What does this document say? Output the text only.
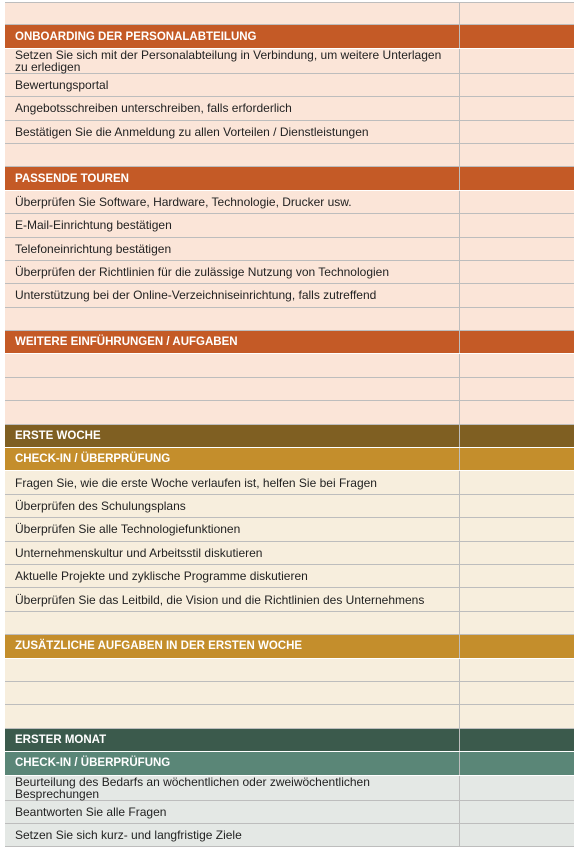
ONBOARDING DER PERSONALABTEILUNG
Setzen Sie sich mit der Personalabteilung in Verbindung, um weitere Unterlagen zu erledigen
Bewertungsportal
Angebotsschreiben unterschreiben, falls erforderlich
Bestätigen Sie die Anmeldung zu allen Vorteilen / Dienstleistungen
PASSENDE TOUREN
Überprüfen Sie Software, Hardware, Technologie, Drucker usw.
E-Mail-Einrichtung bestätigen
Telefoneinrichtung bestätigen
Überprüfen der Richtlinien für die zulässige Nutzung von Technologien
Unterstützung bei der Online-Verzeichniseinrichtung, falls zutreffend
WEITERE EINFÜHRUNGEN / AUFGABEN
ERSTE WOCHE
CHECK-IN / ÜBERPRÜFUNG
Fragen Sie, wie die erste Woche verlaufen ist, helfen Sie bei Fragen
Überprüfen des Schulungsplans
Überprüfen Sie alle Technologiefunktionen
Unternehmenskultur und Arbeitsstil diskutieren
Aktuelle Projekte und zyklische Programme diskutieren
Überprüfen Sie das Leitbild, die Vision und die Richtlinien des Unternehmens
ZUSÄTZLICHE AUFGABEN IN DER ERSTEN WOCHE
ERSTER MONAT
CHECK-IN / ÜBERPRÜFUNG
Beurteilung des Bedarfs an wöchentlichen oder zweiwöchentlichen Besprechungen
Beantworten Sie alle Fragen
Setzen Sie sich kurz- und langfristige Ziele
